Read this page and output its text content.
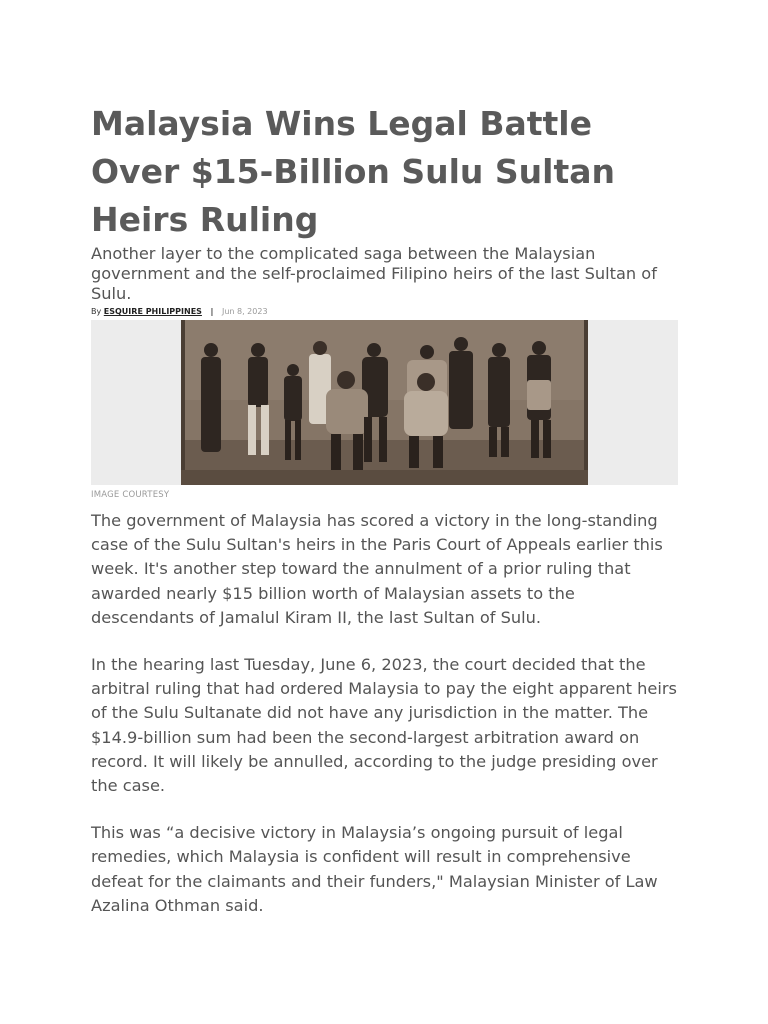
Malaysia Wins Legal Battle Over $15-Billion Sulu Sultan Heirs Ruling

Another layer to the complicated saga between the Malaysian government and the self-proclaimed Filipino heirs of the last Sultan of Sulu.

By ESQUIRE PHILIPPINES | Jun 8, 2023
IMAGE COURTESY

The government of Malaysia has scored a victory in the long-standing case of the Sulu Sultan's heirs in the Paris Court of Appeals earlier this week. It's another step toward the annulment of a prior ruling that awarded nearly $15 billion worth of Malaysian assets to the descendants of Jamalul Kiram II, the last Sultan of Sulu.

In the hearing last Tuesday, June 6, 2023, the court decided that the arbitral ruling that had ordered Malaysia to pay the eight apparent heirs of the Sulu Sultanate did not have any jurisdiction in the matter. The $14.9-billion sum had been the second-largest arbitration award on record. It will likely be annulled, according to the judge presiding over the case.

This was “a decisive victory in Malaysia’s ongoing pursuit of legal remedies, which Malaysia is confident will result in comprehensive defeat for the claimants and their funders," Malaysian Minister of Law Azalina Othman said.
